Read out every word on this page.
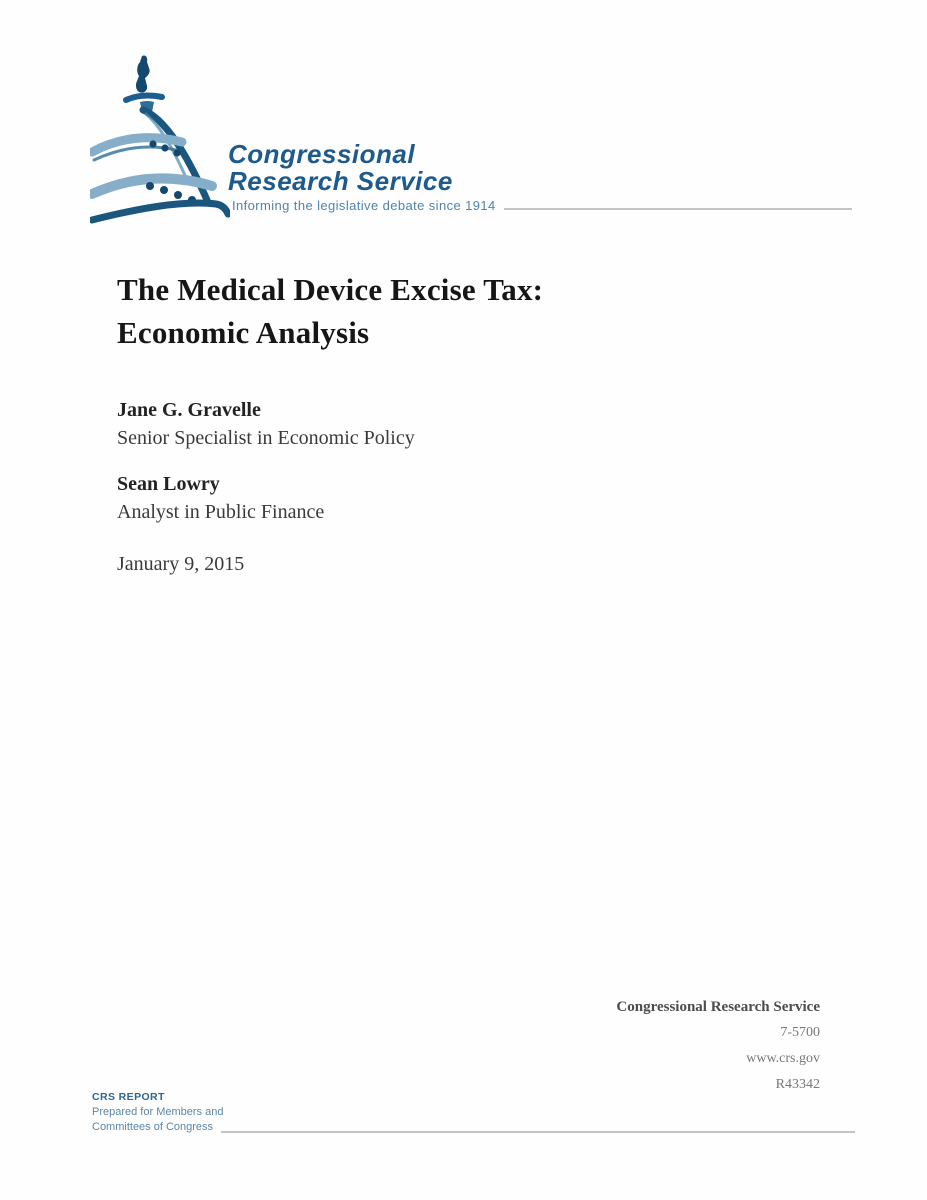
Congressional
Research Service
Informing the legislative debate since 1914
The Medical Device Excise Tax:
Economic Analysis
Jane G. Gravelle
Senior Specialist in Economic Policy
Sean Lowry
Analyst in Public Finance
January 9, 2015
Congressional Research Service
7-5700
www.crs.gov
R43342
CRS REPORT
Prepared for Members and
Committees of Congress
